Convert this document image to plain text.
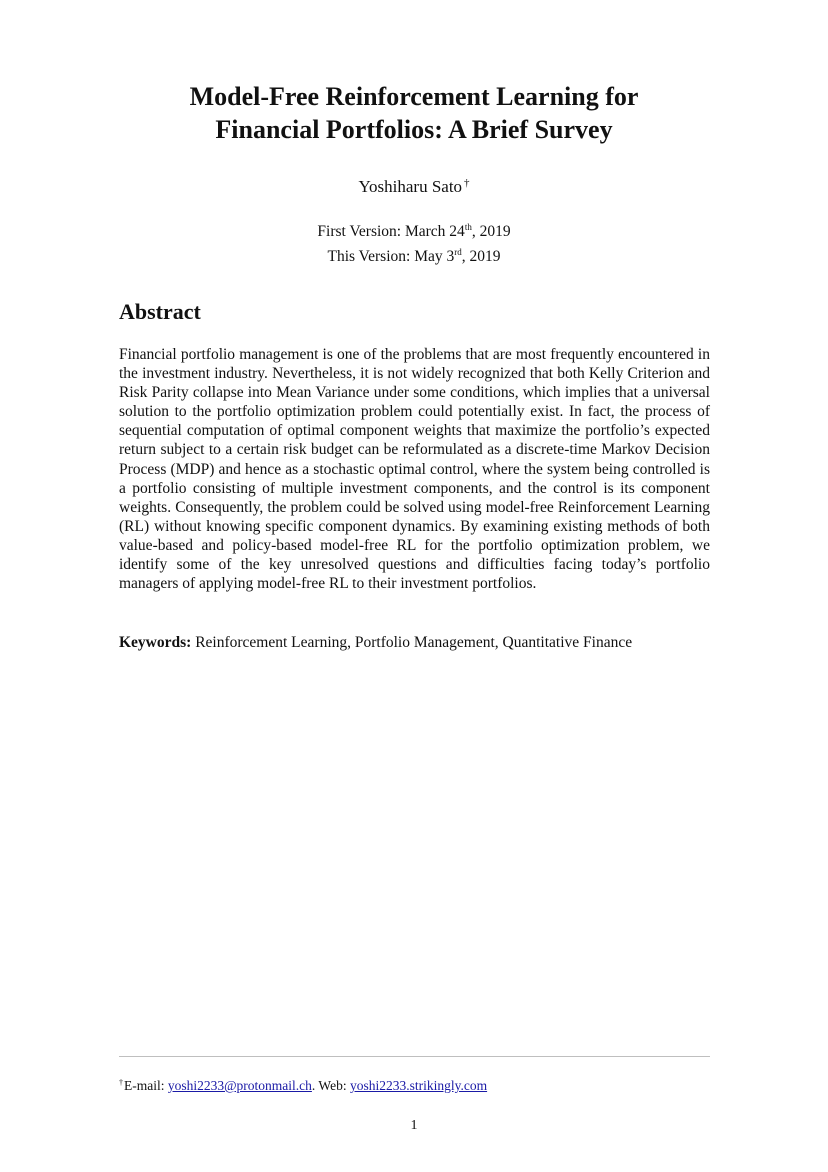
Model-Free Reinforcement Learning for
Financial Portfolios: A Brief Survey
Yoshiharu Sato †
First Version: March 24th, 2019
This Version: May 3rd, 2019
Abstract

Financial portfolio management is one of the problems that are most frequently encountered in the investment industry. Nevertheless, it is not widely recognized that both Kelly Criterion and Risk Parity collapse into Mean Variance under some conditions, which implies that a universal solution to the portfolio optimization problem could potentially exist. In fact, the process of sequential computation of optimal component weights that maximize the portfolio’s expected return subject to a certain risk budget can be reformulated as a discrete-time Markov Decision Process (MDP) and hence as a stochastic optimal control, where the system being controlled is a portfolio consisting of multiple investment components, and the control is its component weights. Consequently, the problem could be solved using model-free Reinforcement Learning (RL) without knowing specific component dynamics. By examining existing methods of both value-based and policy-based model-free RL for the portfolio optimization problem, we identify some of the key unresolved questions and difficulties facing today’s portfolio managers of applying model-free RL to their investment portfolios.

Keywords: Reinforcement Learning, Portfolio Management, Quantitative Finance

†E-mail: yoshi2233@protonmail.ch. Web: yoshi2233.strikingly.com
1
